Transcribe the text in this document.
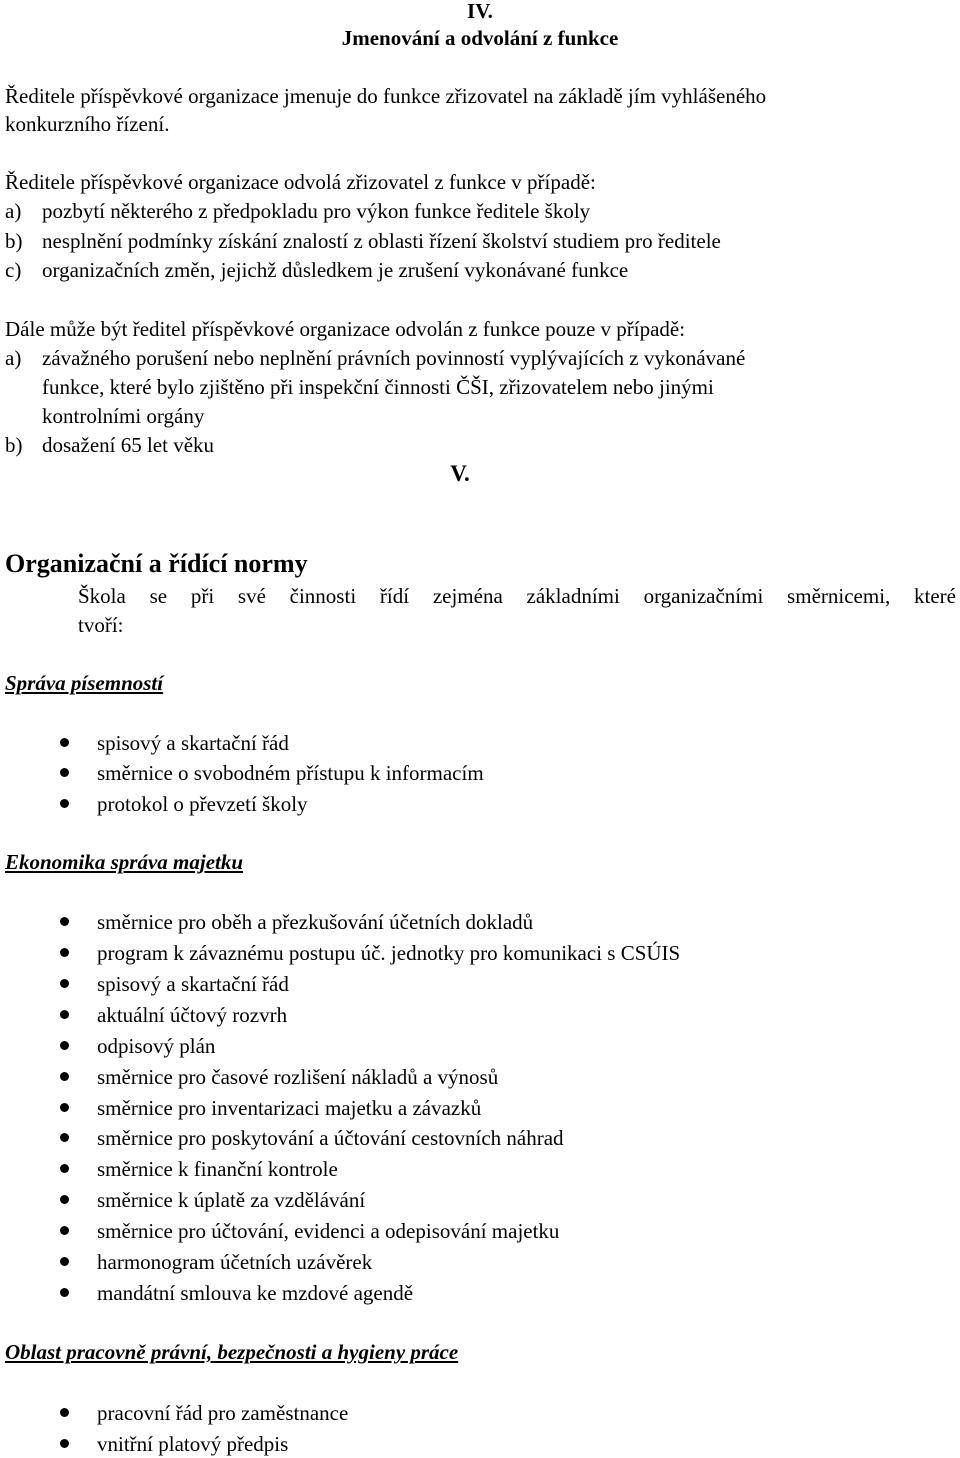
IV.
Jmenování a odvolání z funkce
Ředitele příspěvkové organizace jmenuje do funkce zřizovatel na základě jím vyhlášeného
konkurzního řízení.
Ředitele příspěvkové organizace odvolá zřizovatel z funkce v případě:
a) pozbytí některého z předpokladu pro výkon funkce ředitele školy
b) nesplnění podmínky získání znalostí z oblasti řízení školství studiem pro ředitele
c) organizačních změn, jejichž důsledkem je zrušení vykonávané funkce
Dále může být ředitel příspěvkové organizace odvolán z funkce pouze v případě:
a) závažného porušení nebo neplnění právních povinností vyplývajících z vykonávané
funkce, které bylo zjištěno při inspekční činnosti ČŠI, zřizovatelem nebo jinými
kontrolními orgány
b) dosažení 65 let věku
V.
Organizační a řídící normy
Škola se při své činnosti řídí zejména základními organizačními směrnicemi, které
tvoří:
Správa písemností
spisový a skartační řád
směrnice o svobodném přístupu k informacím
protokol o převzetí školy
Ekonomika správa majetku
směrnice pro oběh a přezkušování účetních dokladů
program k závaznému postupu úč. jednotky pro komunikaci s CSÚIS
spisový a skartační řád
aktuální účtový rozvrh
odpisový plán
směrnice pro časové rozlišení nákladů a výnosů
směrnice pro inventarizaci majetku a závazků
směrnice pro poskytování a účtování cestovních náhrad
směrnice k finanční kontrole
směrnice k úplatě za vzdělávání
směrnice pro účtování, evidenci a odepisování majetku
harmonogram účetních uzávěrek
mandátní smlouva ke mzdové agendě
Oblast pracovně právní, bezpečnosti a hygieny práce
pracovní řád pro zaměstnance
vnitřní platový předpis
